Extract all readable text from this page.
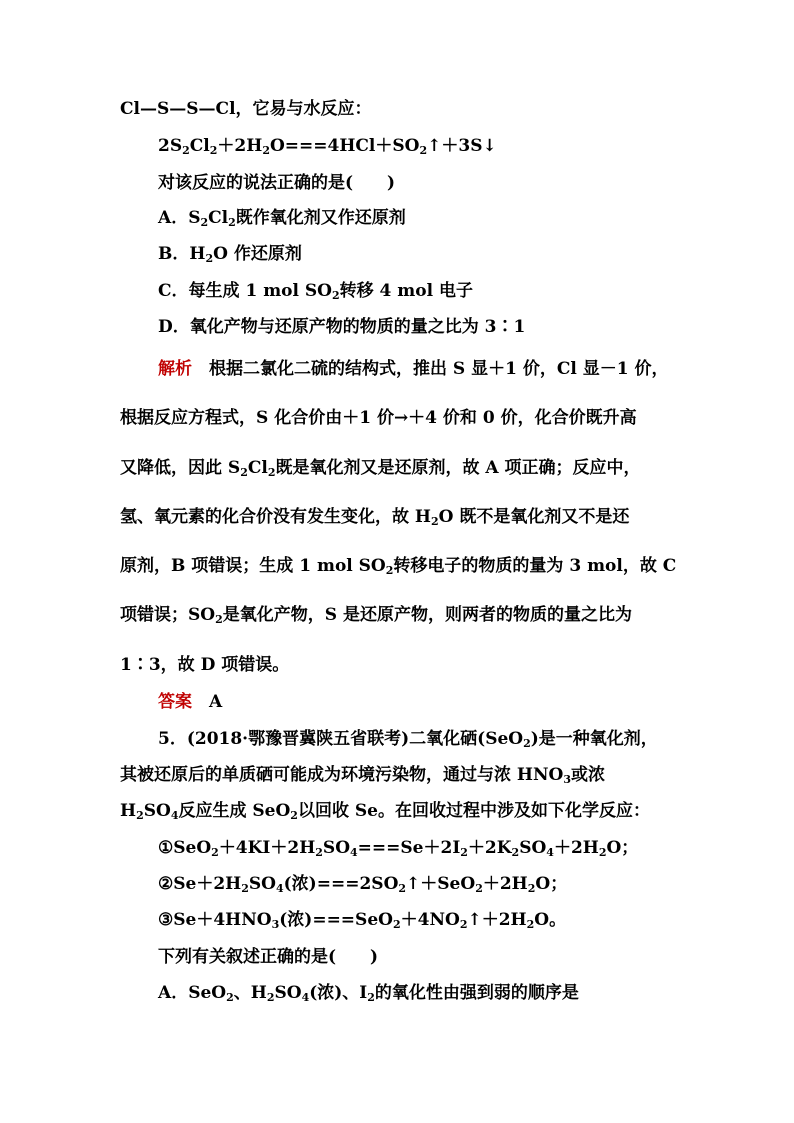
Cl—S—S—Cl，它易与水反应：
$2S_2Cl_2+2H_2O===4HCl+SO_2↑+3S↓$
对该反应的说法正确的是(　　)
A．$S_2Cl_2$既作氧化剂又作还原剂
B．$H_2O$ 作还原剂
C．每生成 1 mol $SO_2$转移 4 mol 电子
D．氧化产物与还原产物的物质的量之比为 3∶1
解析 根据二氯化二硫的结构式，推出 S 显＋1 价，Cl 显－1 价，
根据反应方程式，S 化合价由＋1 价→＋4 价和 0 价，化合价既升高
又降低，因此 $S_2Cl_2$既是氧化剂又是还原剂，故 A 项正确；反应中，
氢、氧元素的化合价没有发生变化，故 $H_2O$ 既不是氧化剂又不是还
原剂，B 项错误；生成 1 mol $SO_2$转移电子的物质的量为 3 mol，故 C
项错误；$SO_2$是氧化产物，S 是还原产物，则两者的物质的量之比为
1∶3，故 D 项错误。
答案 A
5．(2018·鄂豫晋冀陕五省联考)二氧化硒(SeO$_2$)是一种氧化剂，
其被还原后的单质硒可能成为环境污染物，通过与浓 $HNO_3$或浓
$H_2SO_4$反应生成 SeO$_2$以回收 Se。在回收过程中涉及如下化学反应：
$①SeO_2+4KI+2H_2SO_4===Se+2I_2+2K_2SO_4+2H_2O$；
$②Se+2H_2SO_4$(浓)$===2SO_2↑+SeO_2+2H_2O$；
$③Se+4HNO_3$(浓)$===SeO_2+4NO_2↑+2H_2O$。
下列有关叙述正确的是(　　)
A．SeO$_2$、$H_2SO_4$(浓)、$I_2$的氧化性由强到弱的顺序是
